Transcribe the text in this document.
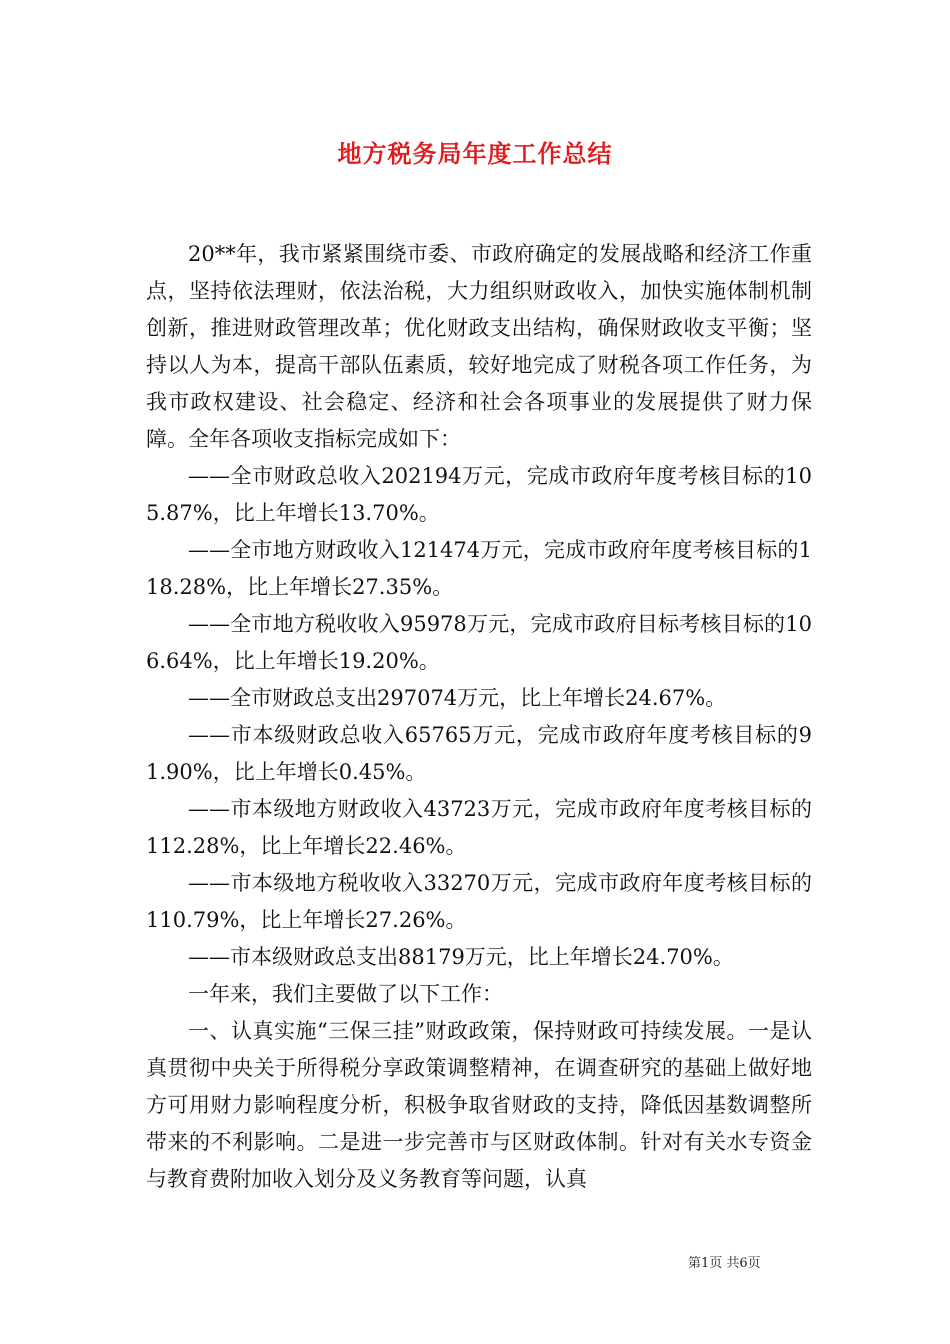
地方税务局年度工作总结

20**年，我市紧紧围绕市委、市政府确定的发展战略和经济工作重点，坚持依法理财，依法治税，大力组织财政收入，加快实施体制机制创新，推进财政管理改革；优化财政支出结构，确保财政收支平衡；坚持以人为本，提高干部队伍素质，较好地完成了财税各项工作任务，为我市政权建设、社会稳定、经济和社会各项事业的发展提供了财力保障。全年各项收支指标完成如下：

——全市财政总收入202194万元，完成市政府年度考核目标的105.87%，比上年增长13.70%。

——全市地方财政收入121474万元，完成市政府年度考核目标的118.28%，比上年增长27.35%。

——全市地方税收收入95978万元，完成市政府目标考核目标的106.64%，比上年增长19.20%。

——全市财政总支出297074万元，比上年增长24.67%。

——市本级财政总收入65765万元，完成市政府年度考核目标的91.90%，比上年增长0.45%。

——市本级地方财政收入43723万元，完成市政府年度考核目标的112.28%，比上年增长22.46%。

——市本级地方税收收入33270万元，完成市政府年度考核目标的110.79%，比上年增长27.26%。

——市本级财政总支出88179万元，比上年增长24.70%。

一年来，我们主要做了以下工作：

一、认真实施“三保三挂”财政政策，保持财政可持续发展。一是认真贯彻中央关于所得税分享政策调整精神，在调查研究的基础上做好地方可用财力影响程度分析，积极争取省财政的支持，降低因基数调整所带来的不利影响。二是进一步完善市与区财政体制。针对有关水专资金与教育费附加收入划分及义务教育等问题，认真

第1页 共6页
